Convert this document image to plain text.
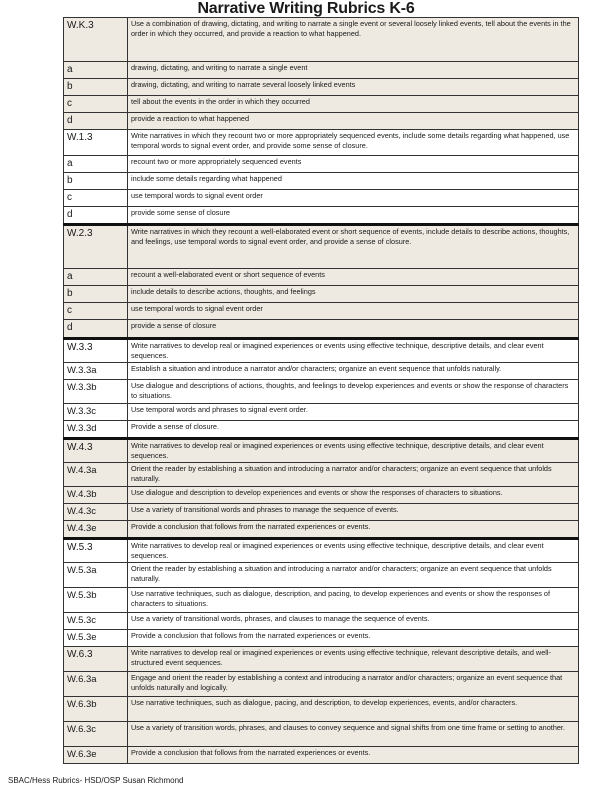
Narrative Writing Rubrics K-6
W.K.3	Use a combination of drawing, dictating, and writing to narrate a single event or several loosely linked events, tell about the events in the order in which they occurred, and provide a reaction to what happened.
a	drawing, dictating, and writing to narrate a single event
b	drawing, dictating, and writing to narrate several loosely linked events
c	tell about the events in the order in which they occurred
d	provide a reaction to what happened
W.1.3	Write narratives in which they recount two or more appropriately sequenced events, include some details regarding what happened, use temporal words to signal event order, and provide some sense of closure.
a	recount two or more appropriately sequenced events
b	include some details regarding what happened
c	use temporal words to signal event order
d	provide some sense of closure
W.2.3	Write narratives in which they recount a well-elaborated event or short sequence of events, include details to describe actions, thoughts, and feelings, use temporal words to signal event order, and provide a sense of closure.
a	recount a well-elaborated event or short sequence of events
b	include details to describe actions, thoughts, and feelings
c	use temporal words to signal event order
d	provide a sense of closure
W.3.3	Write narratives to develop real or imagined experiences or events using effective technique, descriptive details, and clear event sequences.
W.3.3a	Establish a situation and introduce a narrator and/or characters; organize an event sequence that unfolds naturally.
W.3.3b	Use dialogue and descriptions of actions, thoughts, and feelings to develop experiences and events or show the response of characters to situations.
W.3.3c	Use temporal words and phrases to signal event order.
W.3.3d	Provide a sense of closure.
W.4.3	Write narratives to develop real or imagined experiences or events using effective technique, descriptive details, and clear event sequences.
W.4.3a	Orient the reader by establishing a situation and introducing a narrator and/or characters; organize an event sequence that unfolds naturally.
W.4.3b	Use dialogue and description to develop experiences and events or show the responses of characters to situations.
W.4.3c	Use a variety of transitional words and phrases to manage the sequence of events.
W.4.3e	Provide a conclusion that follows from the narrated experiences or events.
W.5.3	Write narratives to develop real or imagined experiences or events using effective technique, descriptive details, and clear event sequences.
W.5.3a	Orient the reader by establishing a situation and introducing a narrator and/or characters; organize an event sequence that unfolds naturally.
W.5.3b	Use narrative techniques, such as dialogue, description, and pacing, to develop experiences and events or show the responses of characters to situations.
W.5.3c	Use a variety of transitional words, phrases, and clauses to manage the sequence of events.
W.5.3e	Provide a conclusion that follows from the narrated experiences or events.
W.6.3	Write narratives to develop real or imagined experiences or events using effective technique, relevant descriptive details, and well-structured event sequences.
W.6.3a	Engage and orient the reader by establishing a context and introducing a narrator and/or characters; organize an event sequence that unfolds naturally and logically.
W.6.3b	Use narrative techniques, such as dialogue, pacing, and description, to develop experiences, events, and/or characters.
W.6.3c	Use a variety of transition words, phrases, and clauses to convey sequence and signal shifts from one time frame or setting to another.
W.6.3e	Provide a conclusion that follows from the narrated experiences or events.
SBAC/Hess Rubrics- HSD/OSP Susan Richmond
